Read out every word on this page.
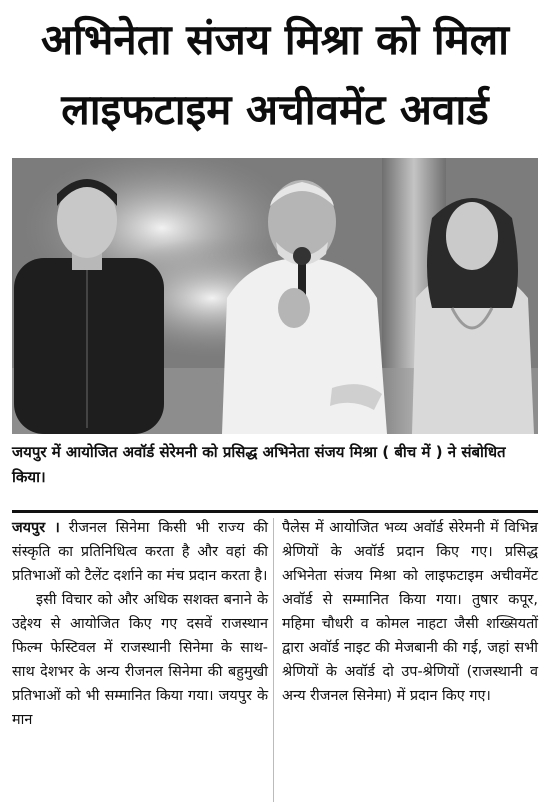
अभिनेता संजय मिश्रा को मिला
लाइफटाइम अचीवमेंट अवार्ड
जयपुर में आयोजित अवॉर्ड सेरेमनी को प्रसिद्ध अभिनेता संजय मिश्रा ( बीच में ) ने संबोधित किया।

जयपुर । रीजनल सिनेमा किसी भी राज्य की संस्कृति का प्रतिनिधित्व करता है और वहां की प्रतिभाओं को टैलेंट दर्शाने का मंच प्रदान करता है।

इसी विचार को और अधिक सशक्त बनाने के उद्देश्य से आयोजित किए गए दसवें राजस्थान फिल्म फेस्टिवल में राजस्थानी सिनेमा के साथ-साथ देशभर के अन्य रीजनल सिनेमा की बहुमुखी प्रतिभाओं को भी सम्मानित किया गया। जयपुर के मान

पैलेस में आयोजित भव्य अवॉर्ड सेरेमनी में विभिन्न श्रेणियों के अवॉर्ड प्रदान किए गए। प्रसिद्ध अभिनेता संजय मिश्रा को लाइफटाइम अचीवमेंट अवॉर्ड से सम्मानित किया गया। तुषार कपूर, महिमा चौधरी व कोमल नाहटा जैसी शख्सियतों द्वारा अवॉर्ड नाइट की मेजबानी की गई, जहां सभी श्रेणियों के अवॉर्ड दो उप-श्रेणियों (राजस्थानी व अन्य रीजनल सिनेमा) में प्रदान किए गए।
